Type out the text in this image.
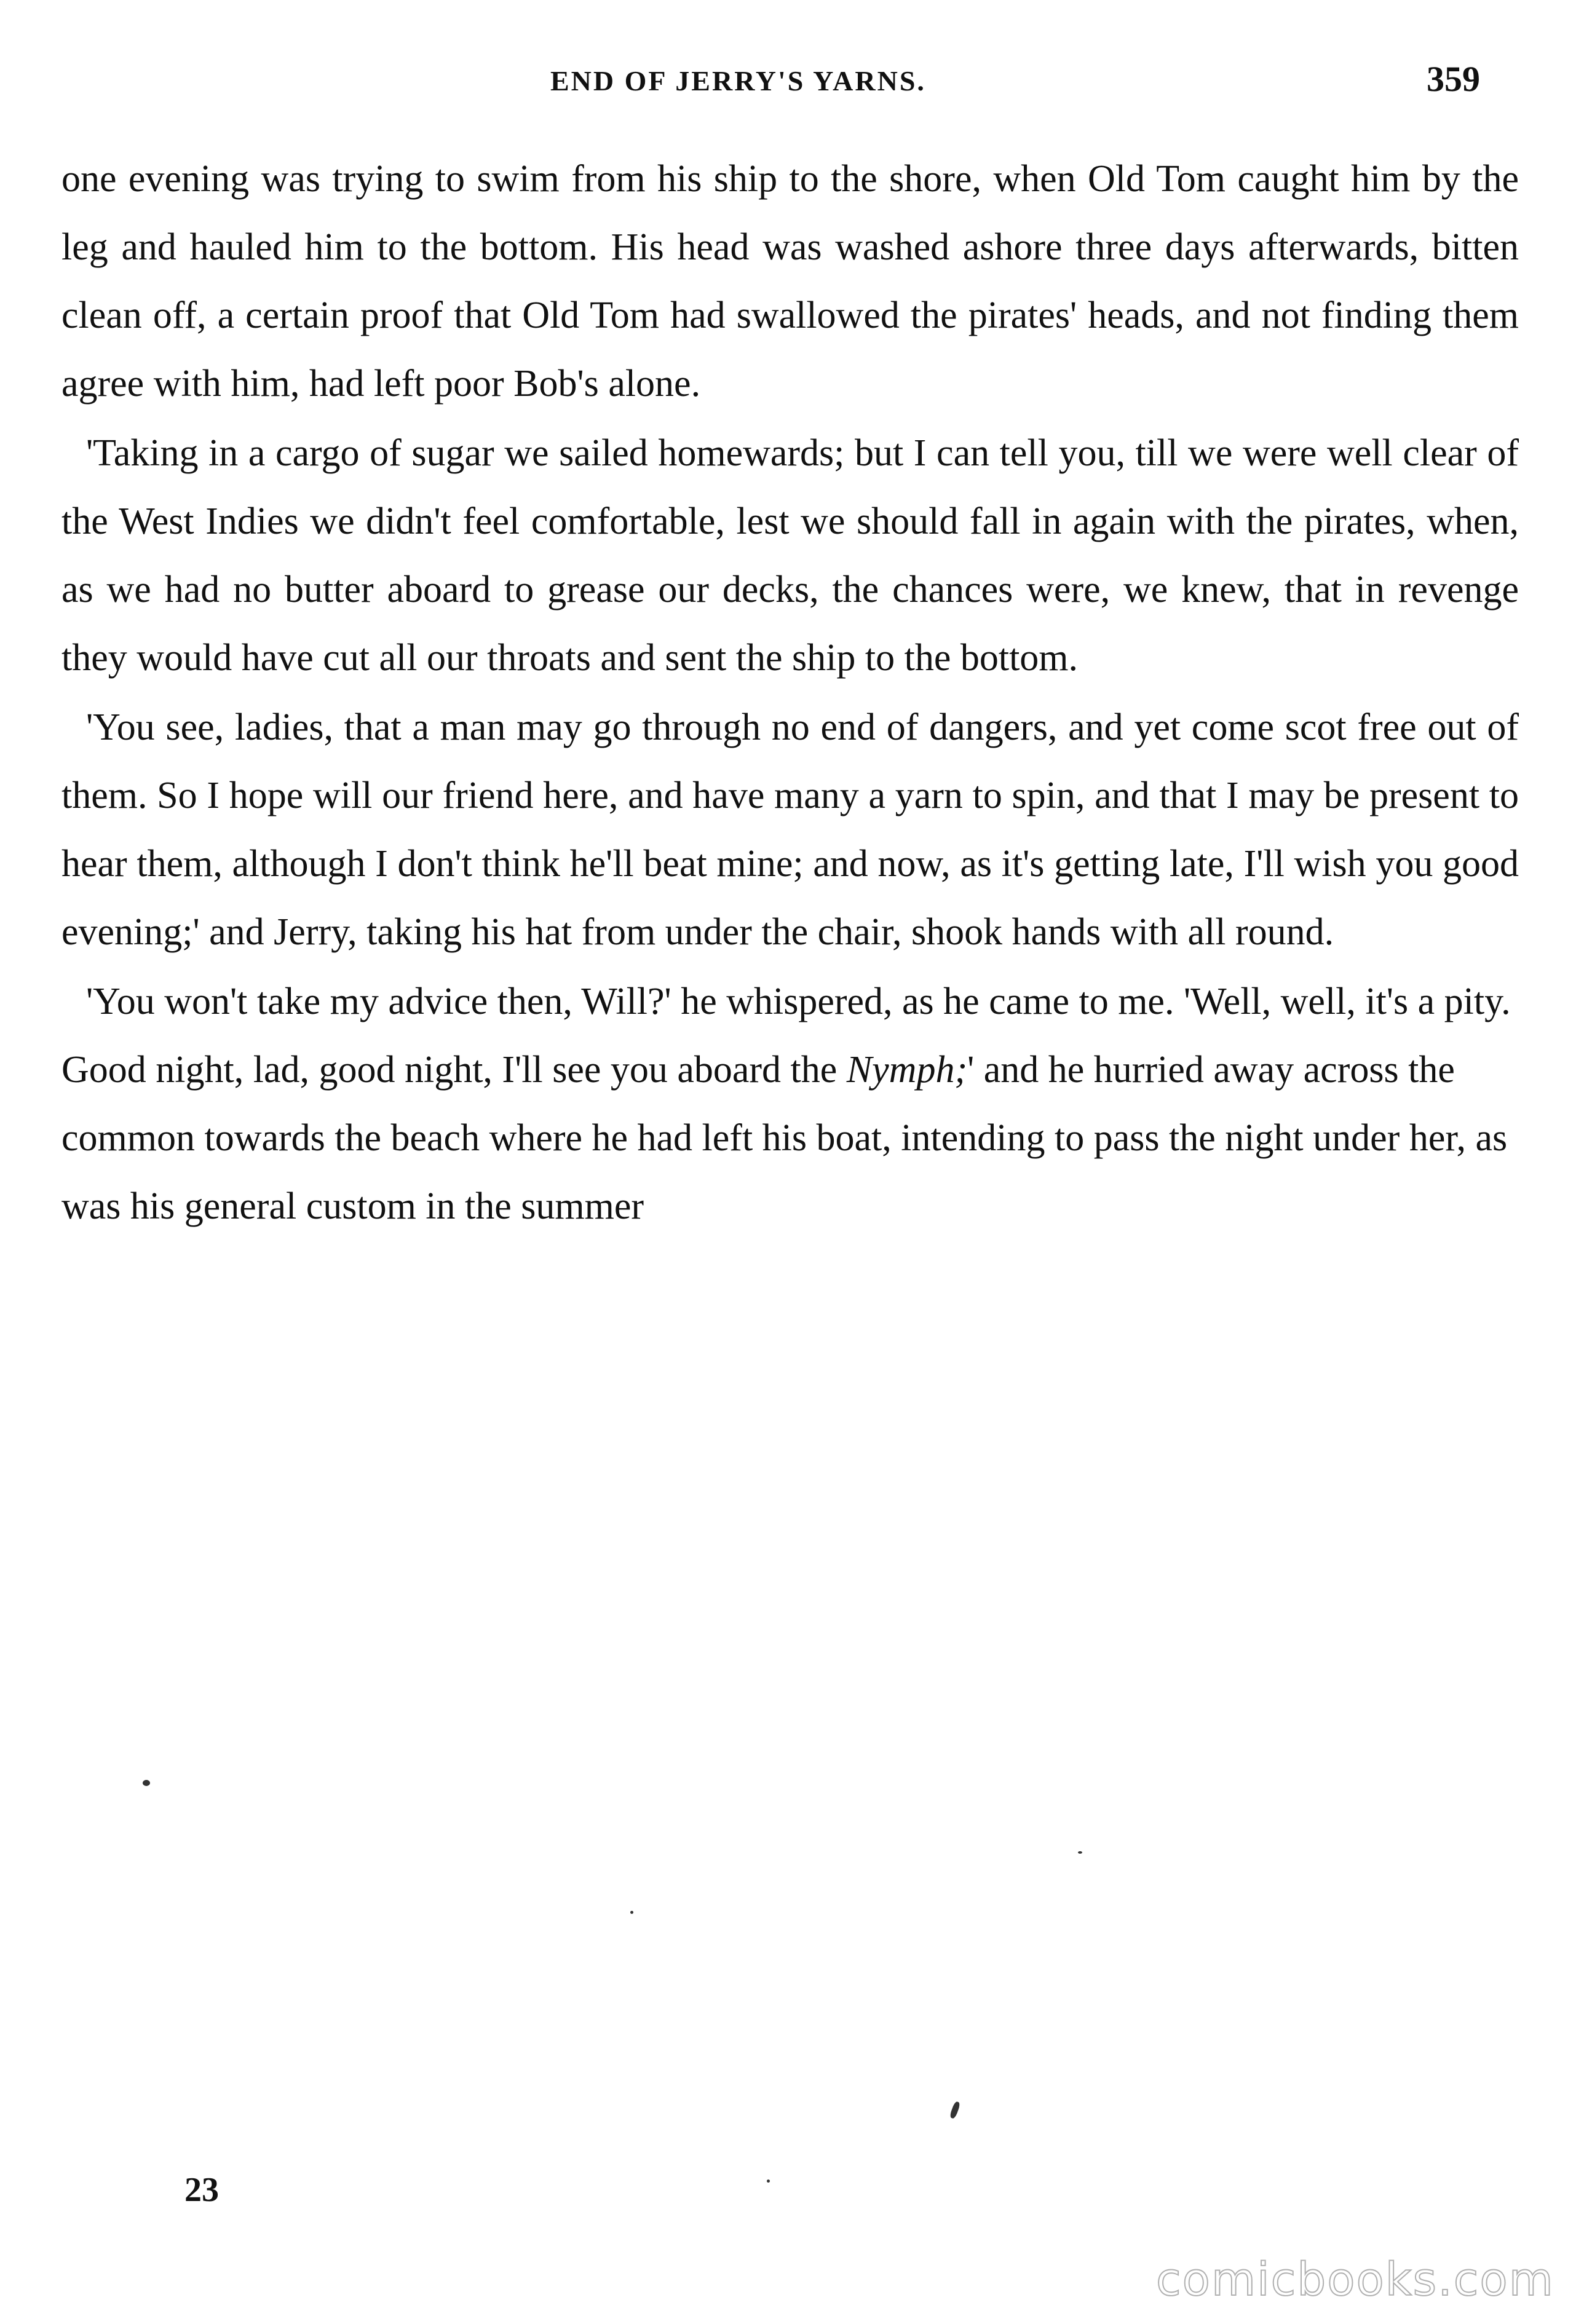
END OF JERRY'S YARNS.	359

one evening was trying to swim from his ship to the shore, when Old Tom caught him by the leg and hauled him to the bottom. His head was washed ashore three days afterwards, bitten clean off, a certain proof that Old Tom had swallowed the pirates' heads, and not finding them agree with him, had left poor Bob's alone.

'Taking in a cargo of sugar we sailed homewards; but I can tell you, till we were well clear of the West Indies we didn't feel comfortable, lest we should fall in again with the pirates, when, as we had no butter aboard to grease our decks, the chances were, we knew, that in revenge they would have cut all our throats and sent the ship to the bottom.

'You see, ladies, that a man may go through no end of dangers, and yet come scot free out of them. So I hope will our friend here, and have many a yarn to spin, and that I may be present to hear them, although I don't think he'll beat mine; and now, as it's getting late, I'll wish you good evening;' and Jerry, taking his hat from under the chair, shook hands with all round.

'You won't take my advice then, Will?' he whispered, as he came to me. 'Well, well, it's a pity. Good night, lad, good night, I'll see you aboard the Nymph;' and he hurried away across the common towards the beach where he had left his boat, intending to pass the night under her, as was his general custom in the summer

23
comicbooks.com
